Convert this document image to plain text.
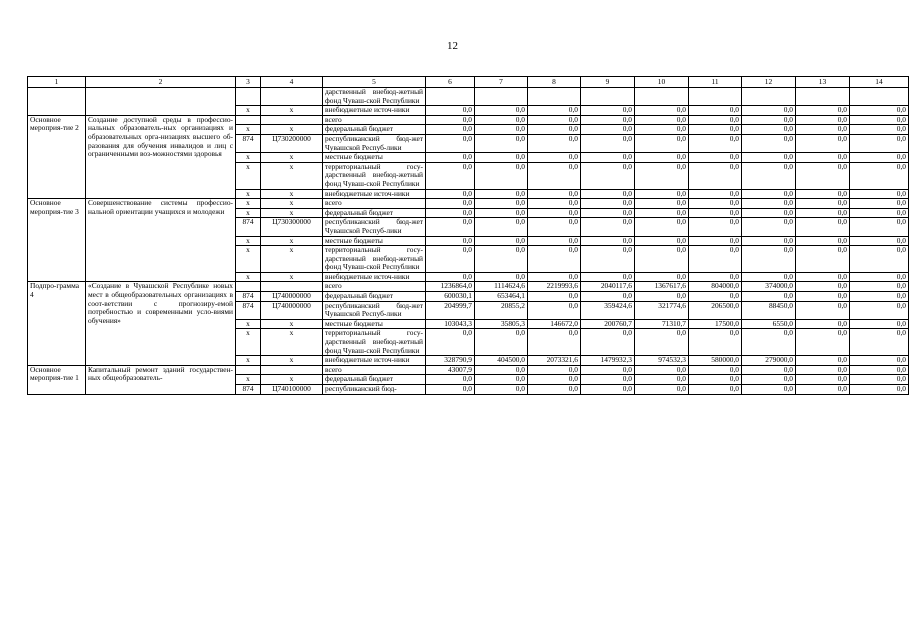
12
1	2	3	4	5	6	7	8	9	10	11	12	13	14
				дарственный внебюд-жетный фонд Чуваш-ской Республики									
		x	x	внебюджетные источ-ники	0,0	0,0	0,0	0,0	0,0	0,0	0,0	0,0	0,0
Основное мероприя-тие 2	Создание доступной среды в профессио-нальных образователь-ных организациях и образовательных орга-низациях высшего об-разования для обучения инвалидов и лиц с ограниченными воз-можностями здоровья			всего	0,0	0,0	0,0	0,0	0,0	0,0	0,0	0,0	0,0
		x	x	федеральный бюджет	0,0	0,0	0,0	0,0	0,0	0,0	0,0	0,0	0,0
		874	Ц730200000	республиканский бюд-жет Чувашской Респуб-лики	0,0	0,0	0,0	0,0	0,0	0,0	0,0	0,0	0,0
		x	x	местные бюджеты	0,0	0,0	0,0	0,0	0,0	0,0	0,0	0,0	0,0
		x	x	территориальный госу-дарственный внебюд-жетный фонд Чуваш-ской Республики	0,0	0,0	0,0	0,0	0,0	0,0	0,0	0,0	0,0
		x	x	внебюджетные источ-ники	0,0	0,0	0,0	0,0	0,0	0,0	0,0	0,0	0,0
Основное мероприя-тие 3	Совершенствование системы профессио-нальной ориентации учащихся и молодежи	x	x	всего	0,0	0,0	0,0	0,0	0,0	0,0	0,0	0,0	0,0
		x	x	федеральный бюджет	0,0	0,0	0,0	0,0	0,0	0,0	0,0	0,0	0,0
		874	Ц730300000	республиканский бюд-жет Чувашской Респуб-лики	0,0	0,0	0,0	0,0	0,0	0,0	0,0	0,0	0,0
		x	x	местные бюджеты	0,0	0,0	0,0	0,0	0,0	0,0	0,0	0,0	0,0
		x	x	территориальный госу-дарственный внебюд-жетный фонд Чуваш-ской Республики	0,0	0,0	0,0	0,0	0,0	0,0	0,0	0,0	0,0
		x	x	внебюджетные источ-ники	0,0	0,0	0,0	0,0	0,0	0,0	0,0	0,0	0,0
Подпро-грамма 4	«Создание в Чувашской Республике новых мест в общеобразовательных организациях в соот-ветствии с прогнозиру-емой потребностью и современными усло-виями обучения»			всего	1236864,0	1114624,6	2219993,6	2040117,6	1367617,6	804000,0	374000,0	0,0	0,0
		874	Ц740000000	федеральный бюджет	600030,1	653464,1	0,0	0,0	0,0	0,0	0,0	0,0	0,0
		874	Ц740000000	республиканский бюд-жет Чувашской Респуб-лики	204999,7	20855,2	0,0	359424,6	321774,6	206500,0	88450,0	0,0	0,0
		x	x	местные бюджеты	103043,3	35805,3	146672,0	200760,7	71310,7	17500,0	6550,0	0,0	0,0
		x	x	территориальный госу-дарственный внебюд-жетный фонд Чуваш-ской Республики	0,0	0,0	0,0	0,0	0,0	0,0	0,0	0,0	0,0
		x	x	внебюджетные источ-ники	328790,9	404500,0	2073321,6	1479932,3	974532,3	580000,0	279000,0	0,0	0,0
Основное мероприя-тие 1	Капитальный ремонт зданий государствен-ных общеобразователь-			всего	43007,9	0,0	0,0	0,0	0,0	0,0	0,0	0,0	0,0
		x	x	федеральный бюджет	0,0	0,0	0,0	0,0	0,0	0,0	0,0	0,0	0,0
		874	Ц740100000	республиканский бюд-	0,0	0,0	0,0	0,0	0,0	0,0	0,0	0,0	0,0
